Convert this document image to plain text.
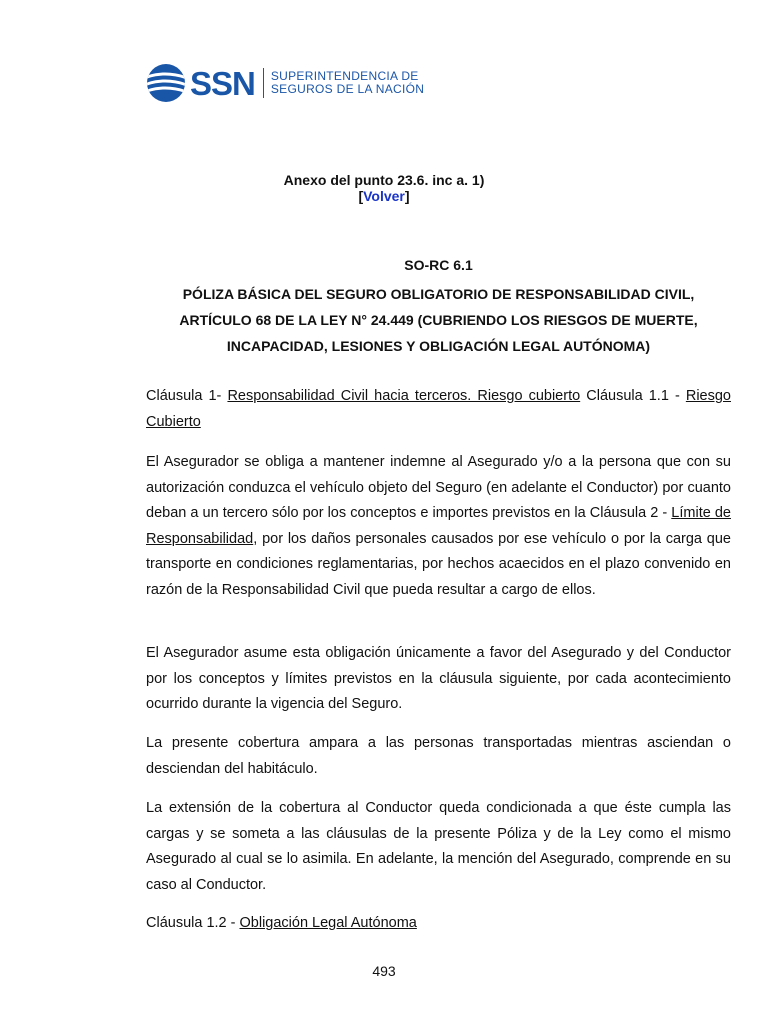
SSN SUPERINTENDENCIA DE
SEGUROS DE LA NACIÓN
Anexo del punto 23.6. inc a. 1)
[Volver]
SO-RC 6.1
PÓLIZA BÁSICA DEL SEGURO OBLIGATORIO DE RESPONSABILIDAD CIVIL, ARTÍCULO 68 DE LA LEY N° 24.449 (CUBRIENDO LOS RIESGOS DE MUERTE, INCAPACIDAD, LESIONES Y OBLIGACIÓN LEGAL AUTÓNOMA)

Cláusula 1- Responsabilidad Civil hacia terceros. Riesgo cubierto Cláusula 1.1 - Riesgo Cubierto

El Asegurador se obliga a mantener indemne al Asegurado y/o a la persona que con su autorización conduzca el vehículo objeto del Seguro (en adelante el Conductor) por cuanto deban a un tercero sólo por los conceptos e importes previstos en la Cláusula 2 - Límite de Responsabilidad, por los daños personales causados por ese vehículo o por la carga que transporte en condiciones reglamentarias, por hechos acaecidos en el plazo convenido en razón de la Responsabilidad Civil que pueda resultar a cargo de ellos.

El Asegurador asume esta obligación únicamente a favor del Asegurado y del Conductor por los conceptos y límites previstos en la cláusula siguiente, por cada acontecimiento ocurrido durante la vigencia del Seguro.

La presente cobertura ampara a las personas transportadas mientras asciendan o desciendan del habitáculo.

La extensión de la cobertura al Conductor queda condicionada a que éste cumpla las cargas y se someta a las cláusulas de la presente Póliza y de la Ley como el mismo Asegurado al cual se lo asimila. En adelante, la mención del Asegurado, comprende en su caso al Conductor.

Cláusula 1.2 - Obligación Legal Autónoma

493
